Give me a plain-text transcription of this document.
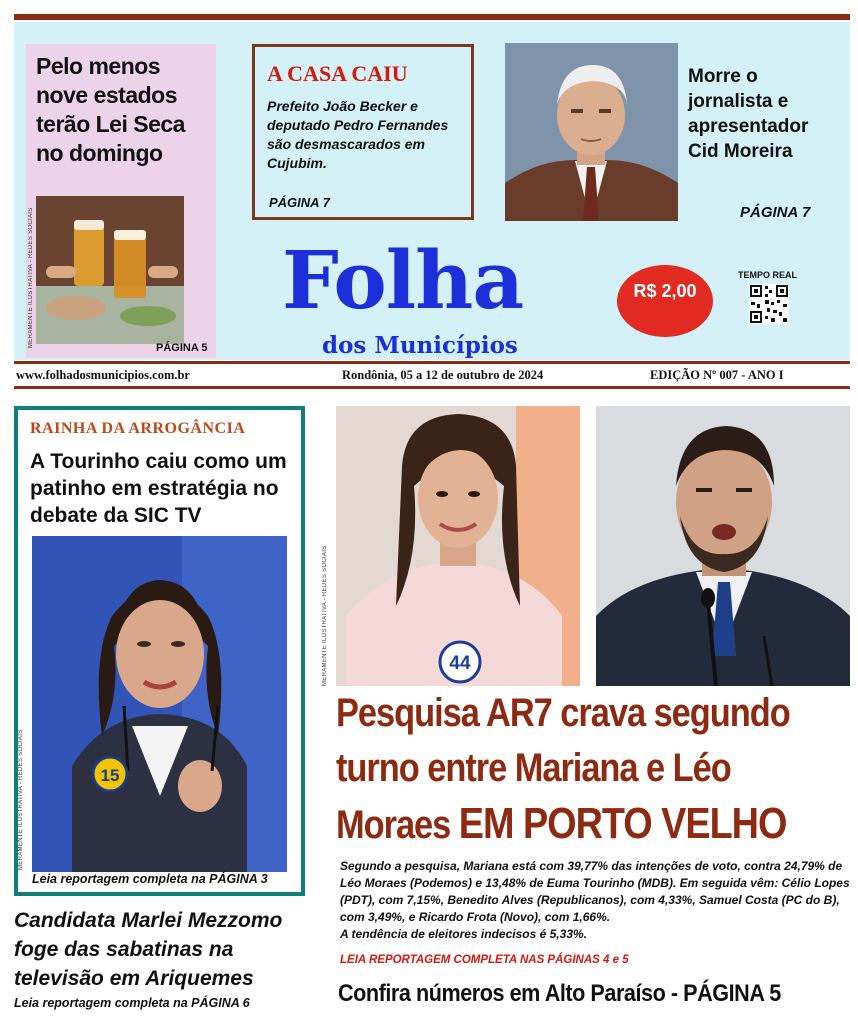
Pelo menos nove estados terão Lei Seca no domingo
MERAMENTE ILUSTRATIVA - REDES SOCIAIS	PÁGINA 5
A CASA CAIU
Prefeito João Becker e deputado Pedro Fernandes são desmascarados em Cujubim.
PÁGINA 7
Morre o jornalista e apresentador Cid Moreira
PÁGINA 7
Folha
dos Municípios
R$ 2,00
TEMPO REAL
www.folhadosmunicipios.com.br	Rondônia, 05 a 12 de outubro de 2024	EDIÇÃO Nº 007 - ANO I
RAINHA DA ARROGÂNCIA
A Tourinho caiu como um patinho em estratégia no debate da SIC TV
15
MERAMENTE ILUSTRATIVA - REDES SOCIAIS
Leia reportagem completa na PÁGINA 3
Candidata Marlei Mezzomo foge das sabatinas na televisão em Ariquemes
Leia reportagem completa na PÁGINA 6
MERAMENTE ILUSTRATIVA - REDES SOCIAIS	44
Pesquisa AR7 crava segundo turno entre Mariana e Léo Moraes EM PORTO VELHO
Segundo a pesquisa, Mariana está com 39,77% das intenções de voto, contra 24,79% de Léo Moraes (Podemos) e 13,48% de Euma Tourinho (MDB). Em seguida vêm: Célio Lopes (PDT), com 7,15%, Benedito Alves (Republicanos), com 4,33%, Samuel Costa (PC do B), com 3,49%, e Ricardo Frota (Novo), com 1,66%.
A tendência de eleitores indecisos é 5,33%.
LEIA REPORTAGEM COMPLETA NAS PÁGINAS 4 e 5
Confira números em Alto Paraíso - PÁGINA 5
